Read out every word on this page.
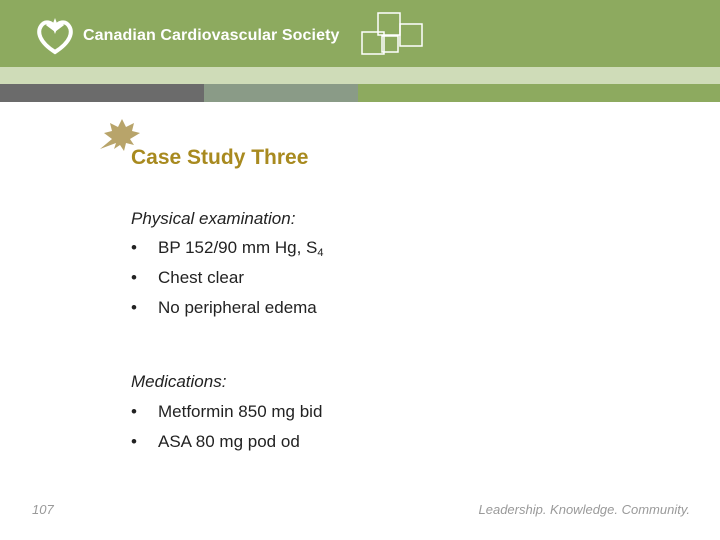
Canadian Cardiovascular Society
Case Study Three
Physical examination:
• BP 152/90 mm Hg, $S_4$
• Chest clear
• No peripheral edema
Medications:
• Metformin 850 mg bid
• ASA 80 mg pod od
107	Leadership. Knowledge. Community.
